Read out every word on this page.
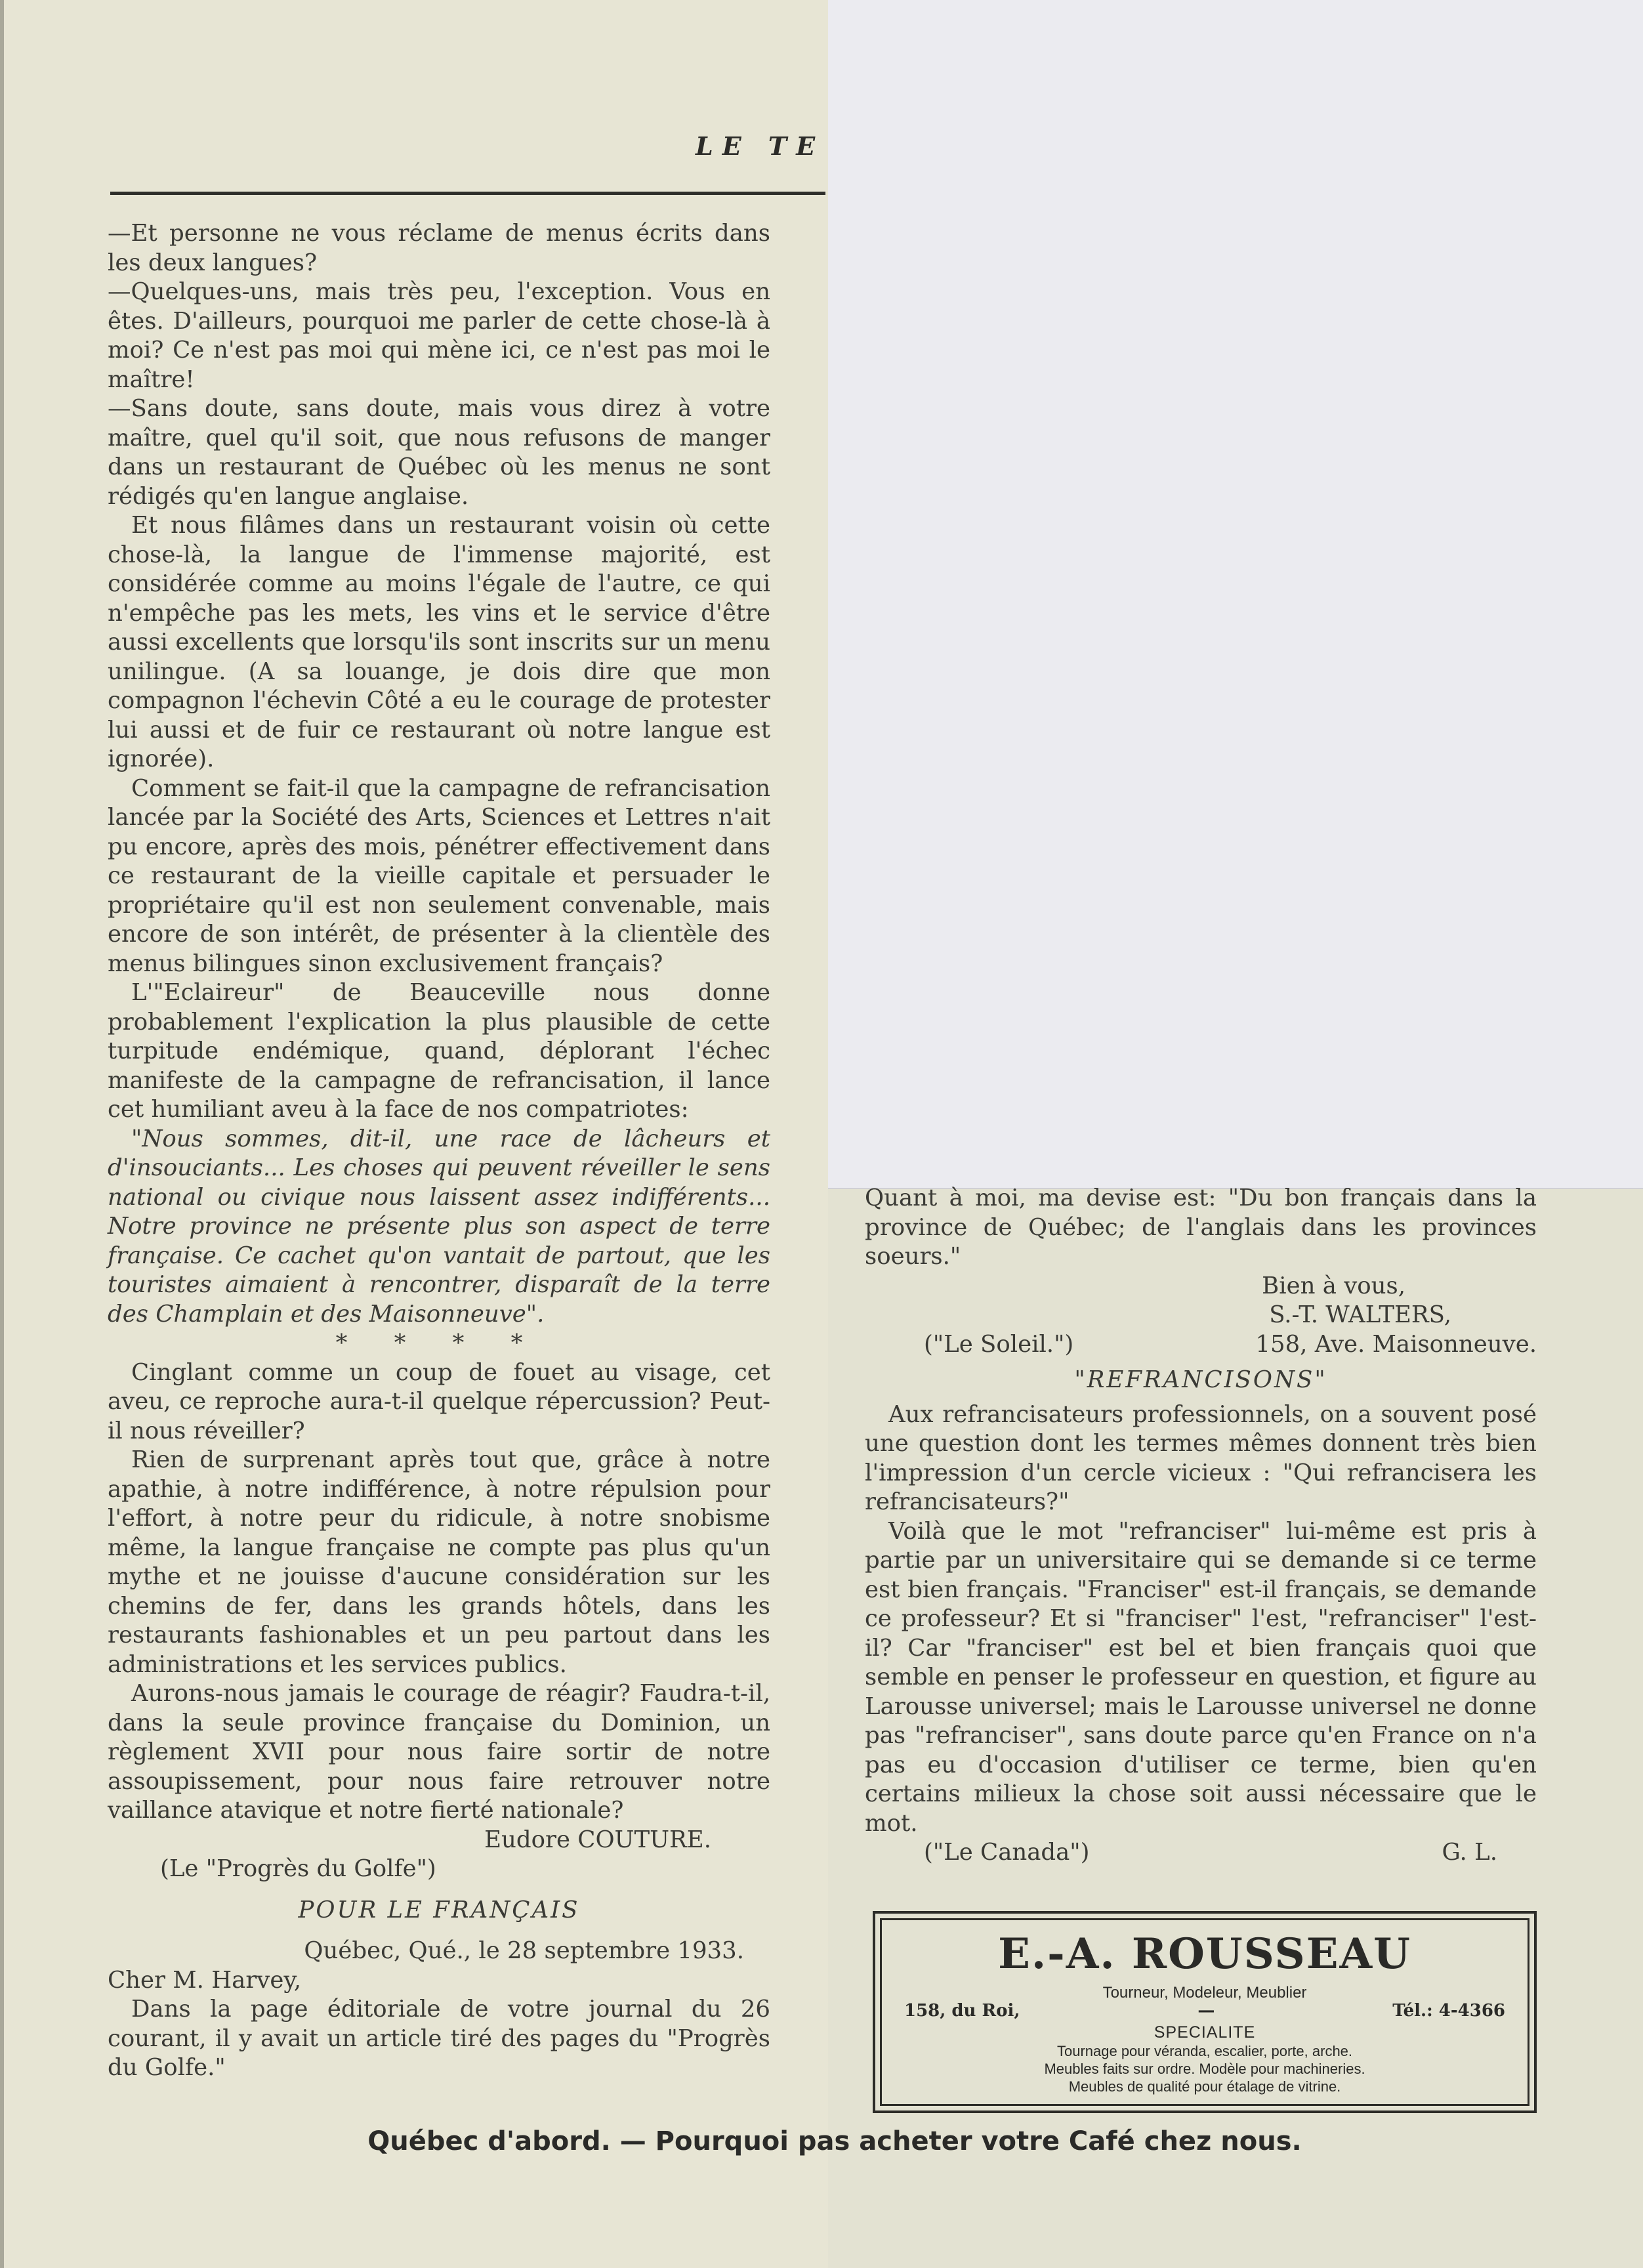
LE TE

—Et personne ne vous réclame de menus écrits dans les deux langues?

—Quelques-uns, mais très peu, l'exception. Vous en êtes. D'ailleurs, pourquoi me parler de cette chose-là à moi? Ce n'est pas moi qui mène ici, ce n'est pas moi le maître!

—Sans doute, sans doute, mais vous direz à votre maître, quel qu'il soit, que nous refusons de manger dans un restaurant de Québec où les menus ne sont rédigés qu'en langue anglaise.

Et nous filâmes dans un restaurant voisin où cette chose-là, la langue de l'immense majorité, est considérée comme au moins l'égale de l'autre, ce qui n'empêche pas les mets, les vins et le service d'être aussi excellents que lorsqu'ils sont inscrits sur un menu unilingue. (A sa louange, je dois dire que mon compagnon l'échevin Côté a eu le courage de protester lui aussi et de fuir ce restaurant où notre langue est ignorée).

Comment se fait-il que la campagne de refrancisation lancée par la Société des Arts, Sciences et Lettres n'ait pu encore, après des mois, pénétrer effectivement dans ce restaurant de la vieille capitale et persuader le propriétaire qu'il est non seulement convenable, mais encore de son intérêt, de présenter à la clientèle des menus bilingues sinon exclusivement français?

L'"Eclaireur" de Beauceville nous donne probablement l'explication la plus plausible de cette turpitude endémique, quand, déplorant l'échec manifeste de la campagne de refrancisation, il lance cet humiliant aveu à la face de nos compatriotes:

"Nous sommes, dit-il, une race de lâcheurs et d'insouciants... Les choses qui peuvent réveiller le sens national ou civique nous laissent assez indifférents... Notre province ne présente plus son aspect de terre française. Ce cachet qu'on vantait de partout, que les touristes aimaient à rencontrer, disparaît de la terre des Champlain et des Maisonneuve".

* * * *

Cinglant comme un coup de fouet au visage, cet aveu, ce reproche aura-t-il quelque répercussion? Peut-il nous réveiller?

Rien de surprenant après tout que, grâce à notre apathie, à notre indifférence, à notre répulsion pour l'effort, à notre peur du ridicule, à notre snobisme même, la langue française ne compte pas plus qu'un mythe et ne jouisse d'aucune considération sur les chemins de fer, dans les grands hôtels, dans les restaurants fashionables et un peu partout dans les administrations et les services publics.

Aurons-nous jamais le courage de réagir? Faudra-t-il, dans la seule province française du Dominion, un règlement XVII pour nous faire sortir de notre assoupissement, pour nous faire retrouver notre vaillance atavique et notre fierté nationale?

Eudore COUTURE.

(Le "Progrès du Golfe")

POUR LE FRANÇAIS

Québec, Qué., le 28 septembre 1933.

Cher M. Harvey,

Dans la page éditoriale de votre journal du 26 courant, il y avait un article tiré des pages du "Progrès du Golfe."

Quant à moi, ma devise est: "Du bon français dans la province de Québec; de l'anglais dans les provinces soeurs."

Bien à vous,

S.-T. WALTERS,

("Le Soleil.")	158, Ave. Maisonneuve.

"REFRANCISONS"

Aux refrancisateurs professionnels, on a souvent posé une question dont les termes mêmes donnent très bien l'impression d'un cercle vicieux : "Qui refrancisera les refrancisateurs?"

Voilà que le mot "refranciser" lui-même est pris à partie par un universitaire qui se demande si ce terme est bien français. "Franciser" est-il français, se demande ce professeur? Et si "franciser" l'est, "refranciser" l'est-il? Car "franciser" est bel et bien français quoi que semble en penser le professeur en question, et figure au Larousse universel; mais le Larousse universel ne donne pas "refranciser", sans doute parce qu'en France on n'a pas eu d'occasion d'utiliser ce terme, bien qu'en certains milieux la chose soit aussi nécessaire que le mot.

("Le Canada")	G. L.
E.-A. ROUSSEAU
Tourneur, Modeleur, Meublier
158, du Roi,	—	Tél.: 4-4366
SPECIALITE
Tournage pour véranda, escalier, porte, arche.
Meubles faits sur ordre. Modèle pour machineries.
Meubles de qualité pour étalage de vitrine.
Québec d'abord. — Pourquoi pas acheter votre Café chez nous.
